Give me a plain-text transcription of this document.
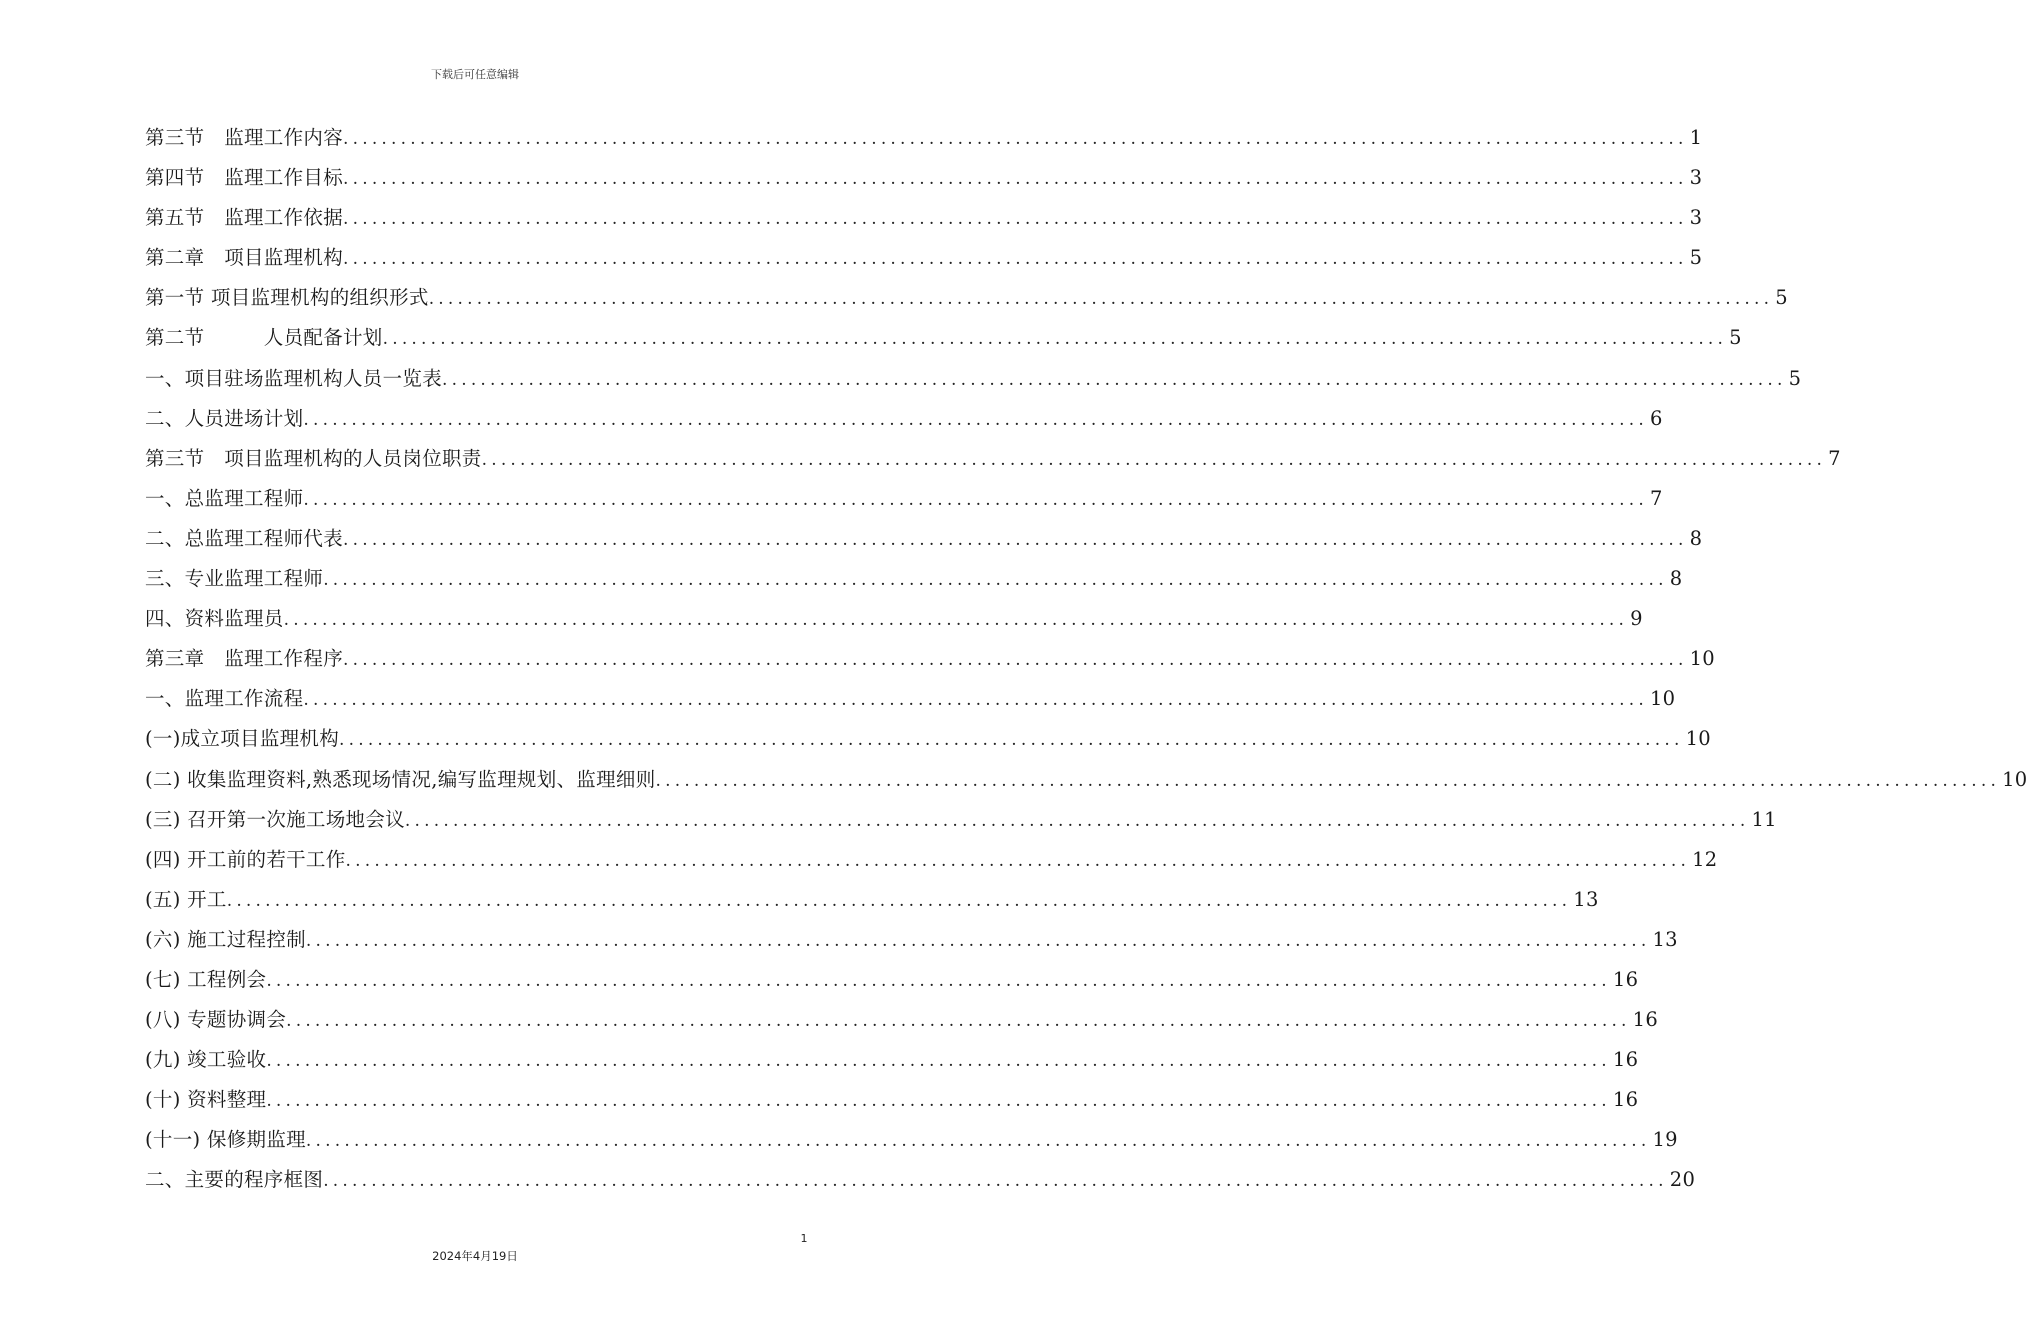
下载后可任意编辑
第三节　监理工作内容 ............................................................................................................................................ 1
第四节　监理工作目标 ............................................................................................................................................ 3
第五节　监理工作依据 ............................................................................................................................................ 3
第二章　项目监理机构 ............................................................................................................................................ 5
第一节 项目监理机构的组织形式 ............................................................................................................................................ 5
第二节　　　人员配备计划 ............................................................................................................................................ 5
一、项目驻场监理机构人员一览表 ............................................................................................................................................ 5
二、人员进场计划 ............................................................................................................................................ 6
第三节　项目监理机构的人员岗位职责 ............................................................................................................................................ 7
一、总监理工程师 ............................................................................................................................................ 7
二、总监理工程师代表 ............................................................................................................................................ 8
三、专业监理工程师 ............................................................................................................................................ 8
四、资料监理员 ............................................................................................................................................ 9
第三章　监理工作程序 ............................................................................................................................................ 10
一、监理工作流程 ............................................................................................................................................ 10
(一)成立项目监理机构 ............................................................................................................................................ 10
(二) 收集监理资料,熟悉现场情况,编写监理规划、监理细则 ............................................................................................................................................ 10
(三) 召开第一次施工场地会议 ............................................................................................................................................ 11
(四) 开工前的若干工作 ............................................................................................................................................ 12
(五) 开工 ............................................................................................................................................ 13
(六) 施工过程控制 ............................................................................................................................................ 13
(七) 工程例会 ............................................................................................................................................ 16
(八) 专题协调会 ............................................................................................................................................ 16
(九) 竣工验收 ............................................................................................................................................ 16
(十) 资料整理 ............................................................................................................................................ 16
(十一) 保修期监理 ............................................................................................................................................ 19
二、主要的程序框图 ............................................................................................................................................ 20
1
2024年4月19日
